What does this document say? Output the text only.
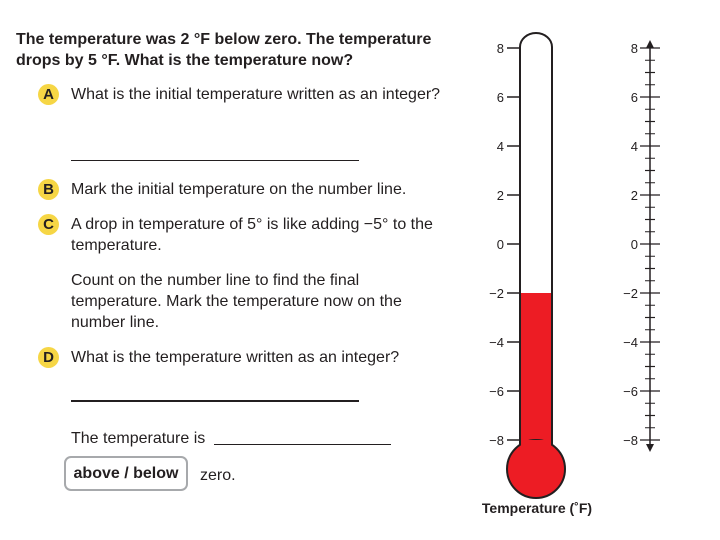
The temperature was 2 °F below zero. The temperature drops by 5 °F. What is the temperature now?
A	What is the initial temperature written as an integer?
B	Mark the initial temperature on the number line.
C	A drop in temperature of 5° is like adding −5° to the temperature.
Count on the number line to find the final temperature. Mark the temperature now on the number line.
D	What is the temperature written as an integer?
The temperature is
above / below	zero.
8
6
4
2
0
−2
−4
−6
−8
8
6
4
2
0
−2
−4
−6
−8
Temperature (˚F)
